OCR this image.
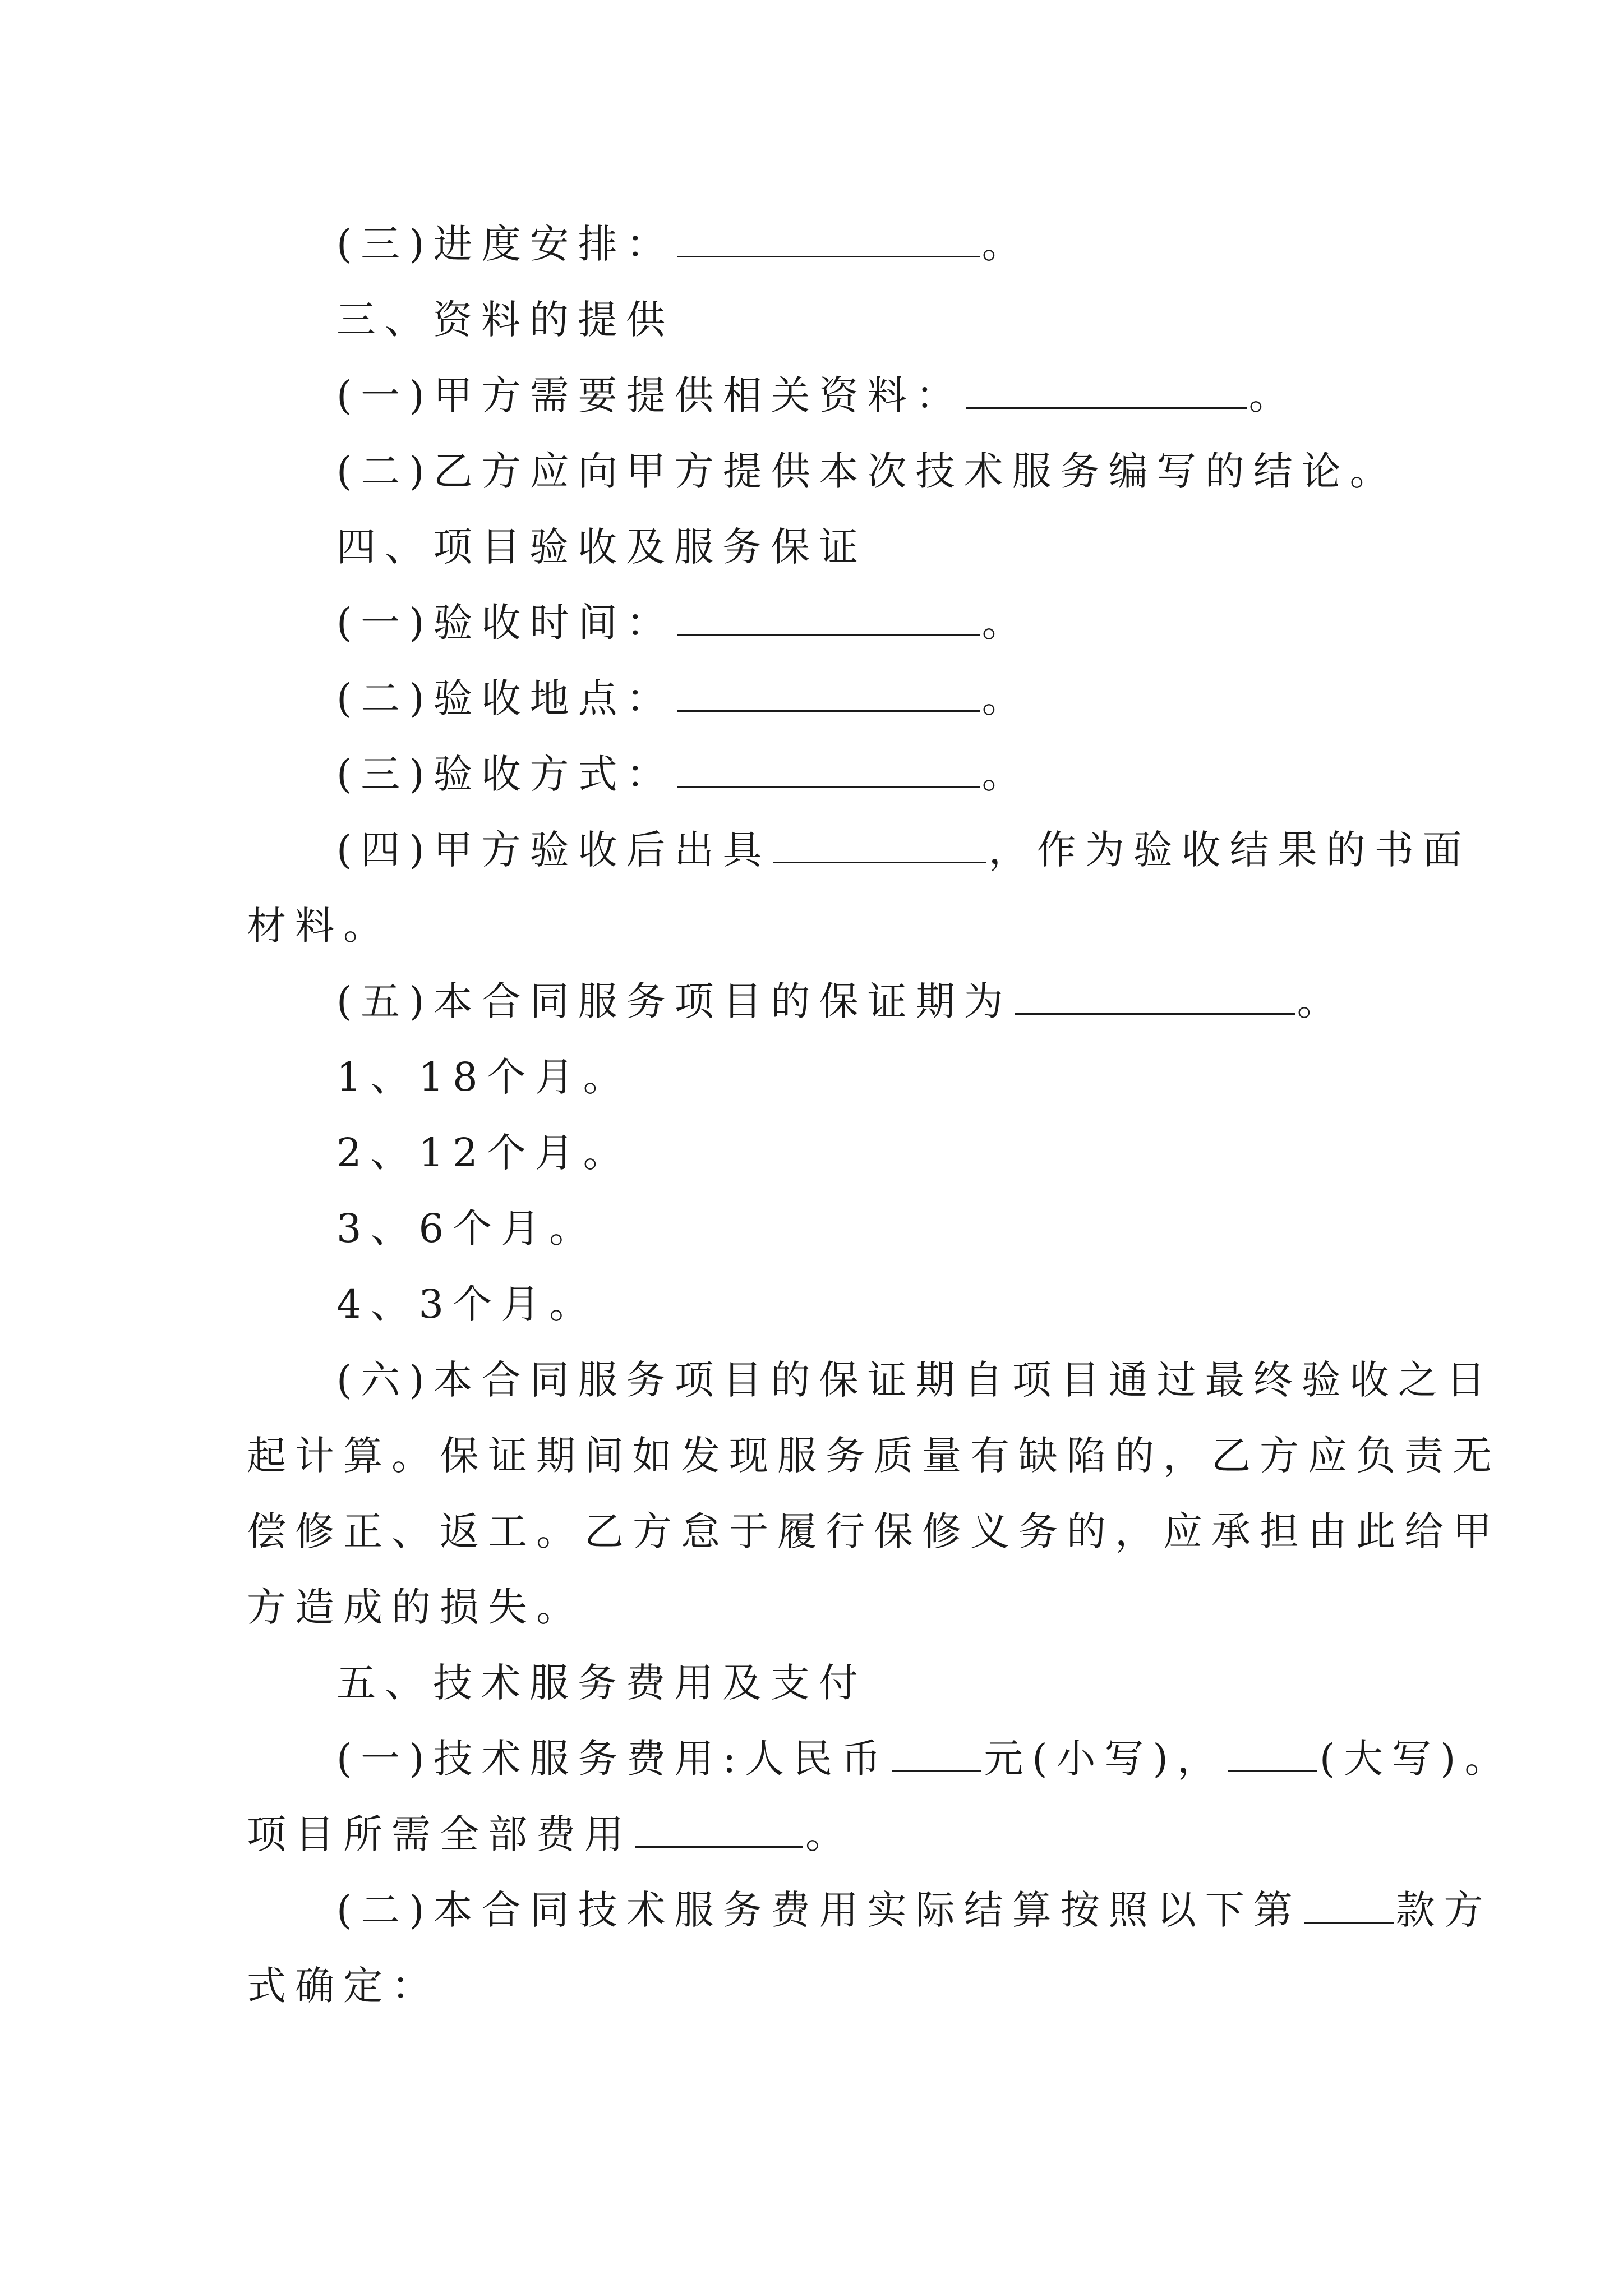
(三)进度安排：	。
三、资料的提供
(一)甲方需要提供相关资料：	。
(二)乙方应向甲方提供本次技术服务编写的结论。
四、项目验收及服务保证
(一)验收时间：	。
(二)验收地点：	。
(三)验收方式：	。
(四)甲方验收后出具	，作为验收结果的书面
材料。
(五)本合同服务项目的保证期为	。
1、18个月。
2、12个月。
3、6个月。
4、3个月。
(六)本合同服务项目的保证期自项目通过最终验收之日
起计算。保证期间如发现服务质量有缺陷的，乙方应负责无
偿修正、返工。乙方怠于履行保修义务的，应承担由此给甲
方造成的损失。
五、技术服务费用及支付
(一)技术服务费用:人民币 元(小写)， (大写)。
项目所需全部费用	。
(二)本合同技术服务费用实际结算按照以下第 款方
式确定：
